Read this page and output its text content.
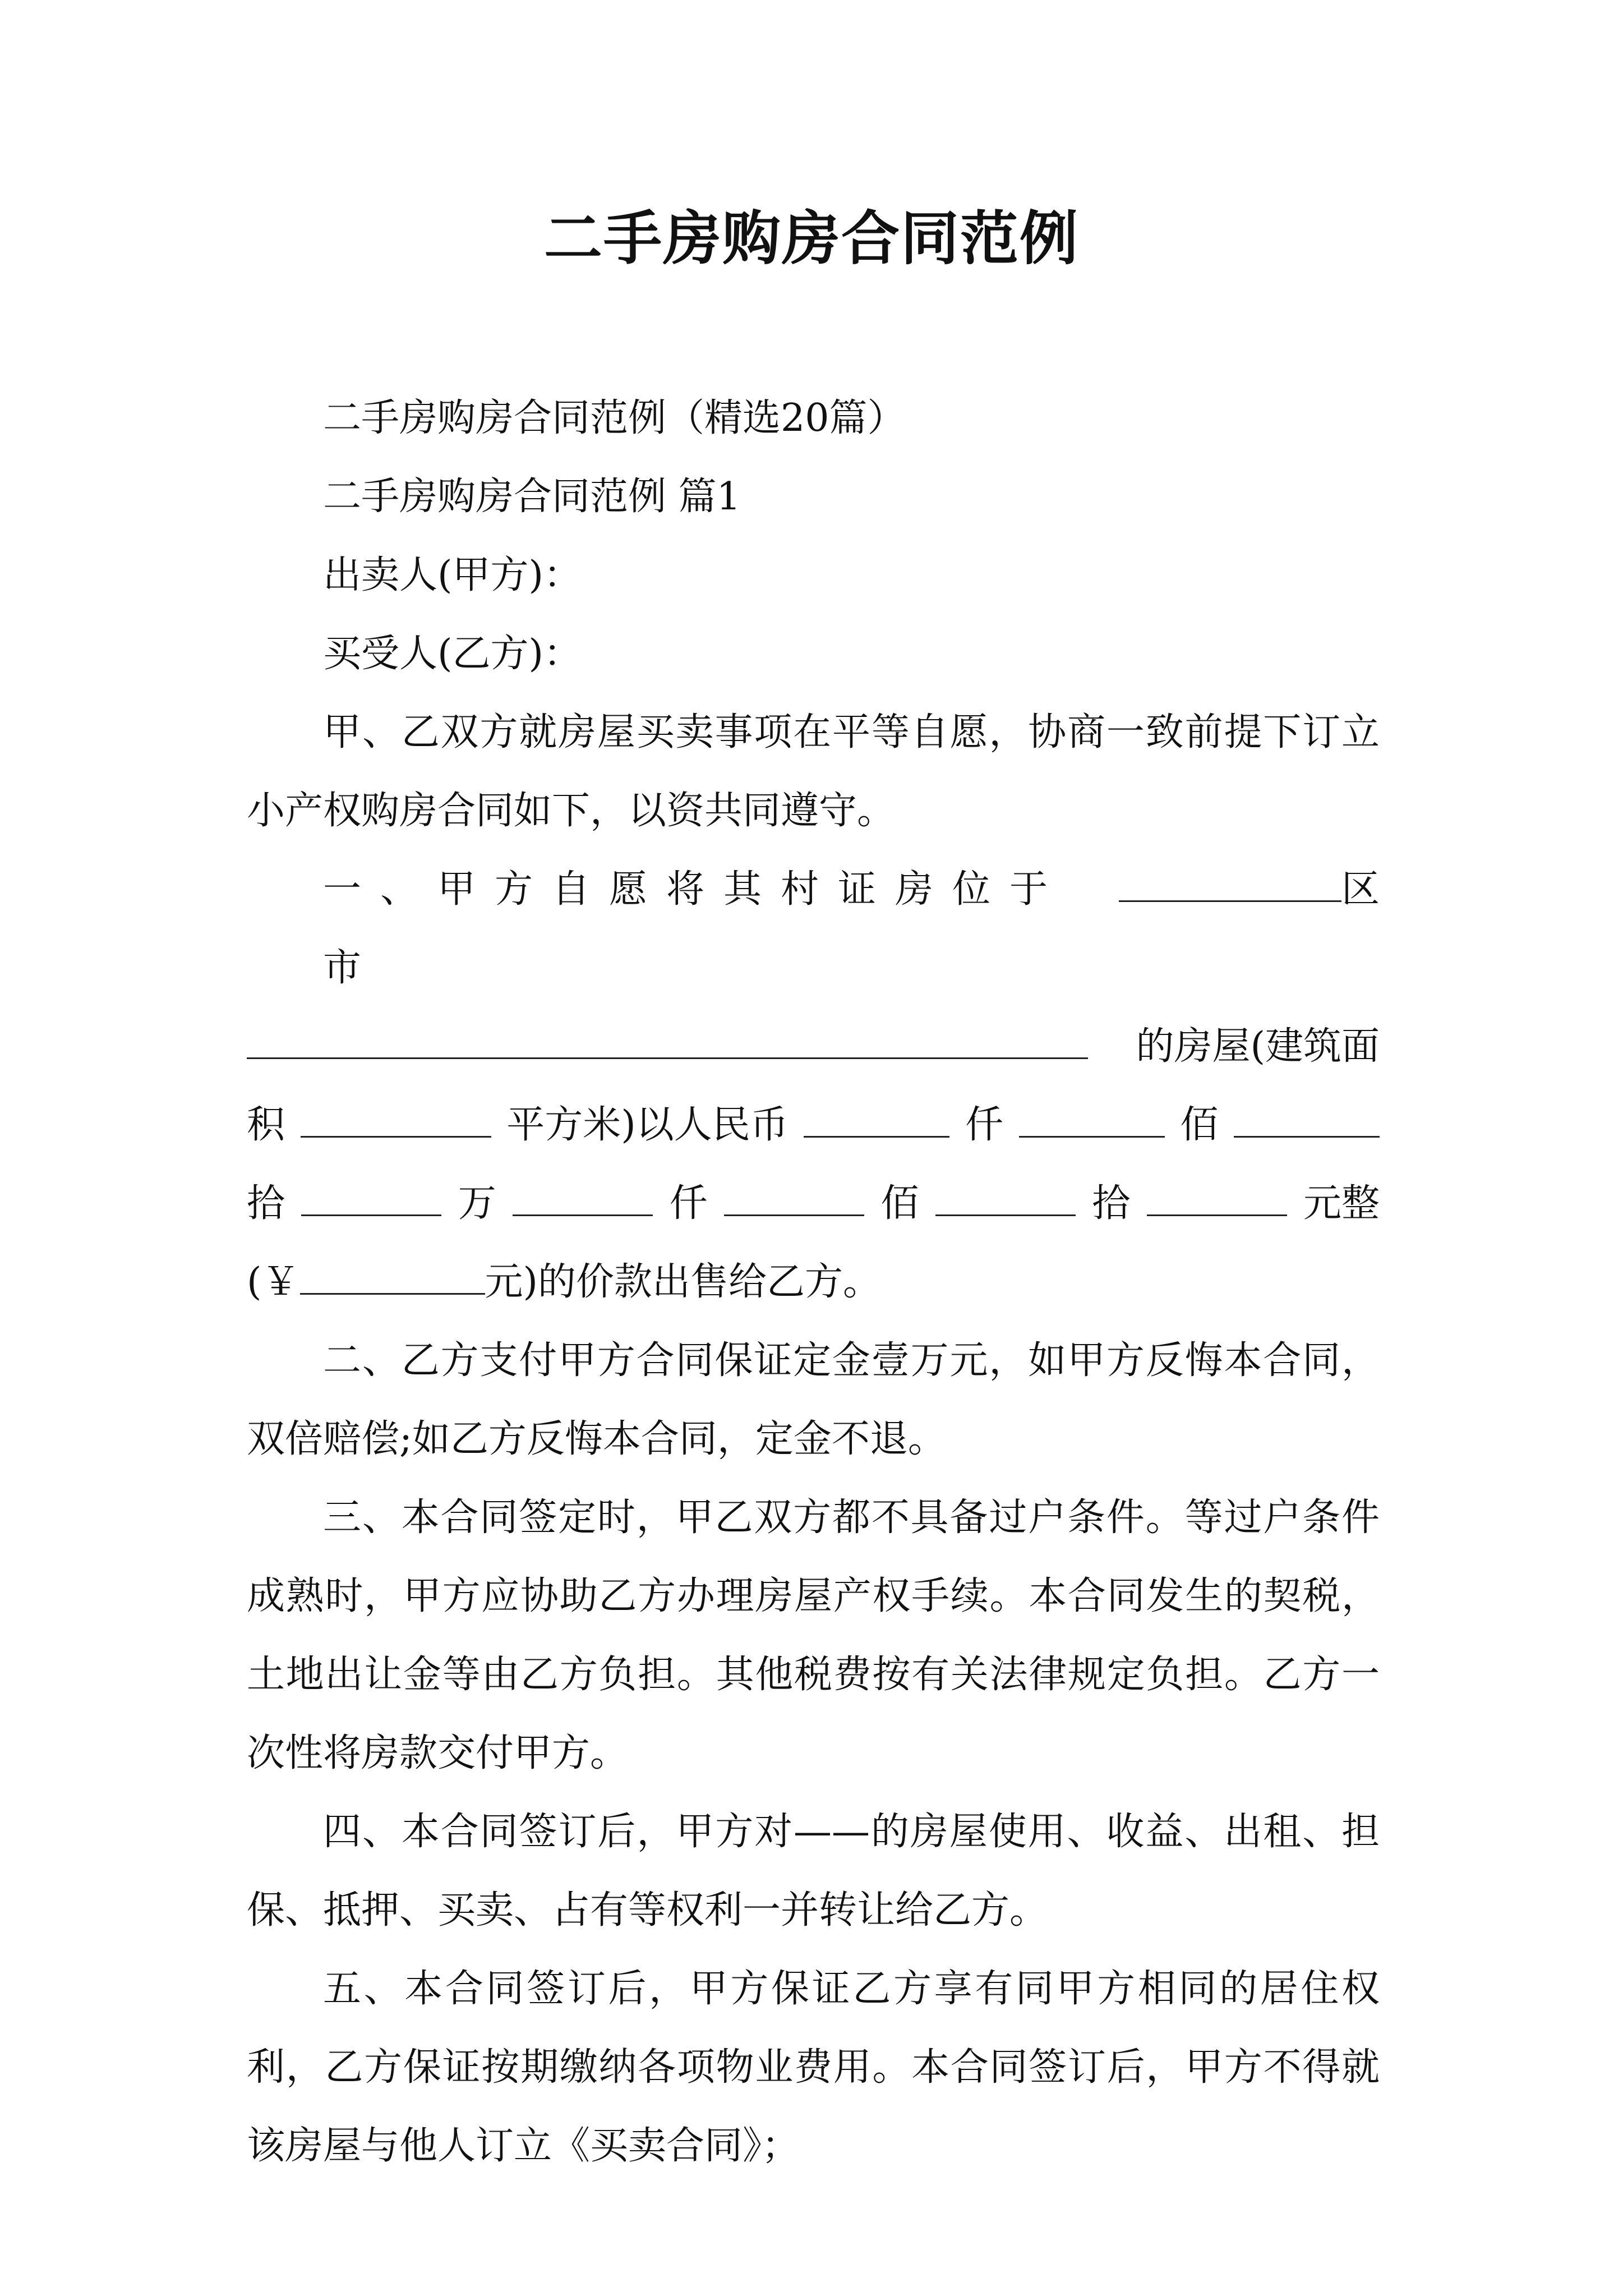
二手房购房合同范例

二手房购房合同范例（精选20篇）

二手房购房合同范例 篇1

出卖人(甲方)：

买受人(乙方)：

甲、乙双方就房屋买卖事项在平等自愿，协商一致前提下订立小产权购房合同如下，以资共同遵守。

一、甲方自愿将其村证房位于市
区
的房屋(建筑面
积	平方米)以人民币	仟	佰
拾	万	仟	佰	拾	元整
(￥	元)的价款出售给乙方。

二、乙方支付甲方合同保证定金壹万元，如甲方反悔本合同，双倍赔偿;如乙方反悔本合同，定金不退。

三、本合同签定时，甲乙双方都不具备过户条件。等过户条件成熟时，甲方应协助乙方办理房屋产权手续。本合同发生的契税，土地出让金等由乙方负担。其他税费按有关法律规定负担。乙方一次性将房款交付甲方。

四、本合同签订后，甲方对——的房屋使用、收益、出租、担保、抵押、买卖、占有等权利一并转让给乙方。

五、本合同签订后，甲方保证乙方享有同甲方相同的居住权利，乙方保证按期缴纳各项物业费用。本合同签订后，甲方不得就该房屋与他人订立《买卖合同》；
